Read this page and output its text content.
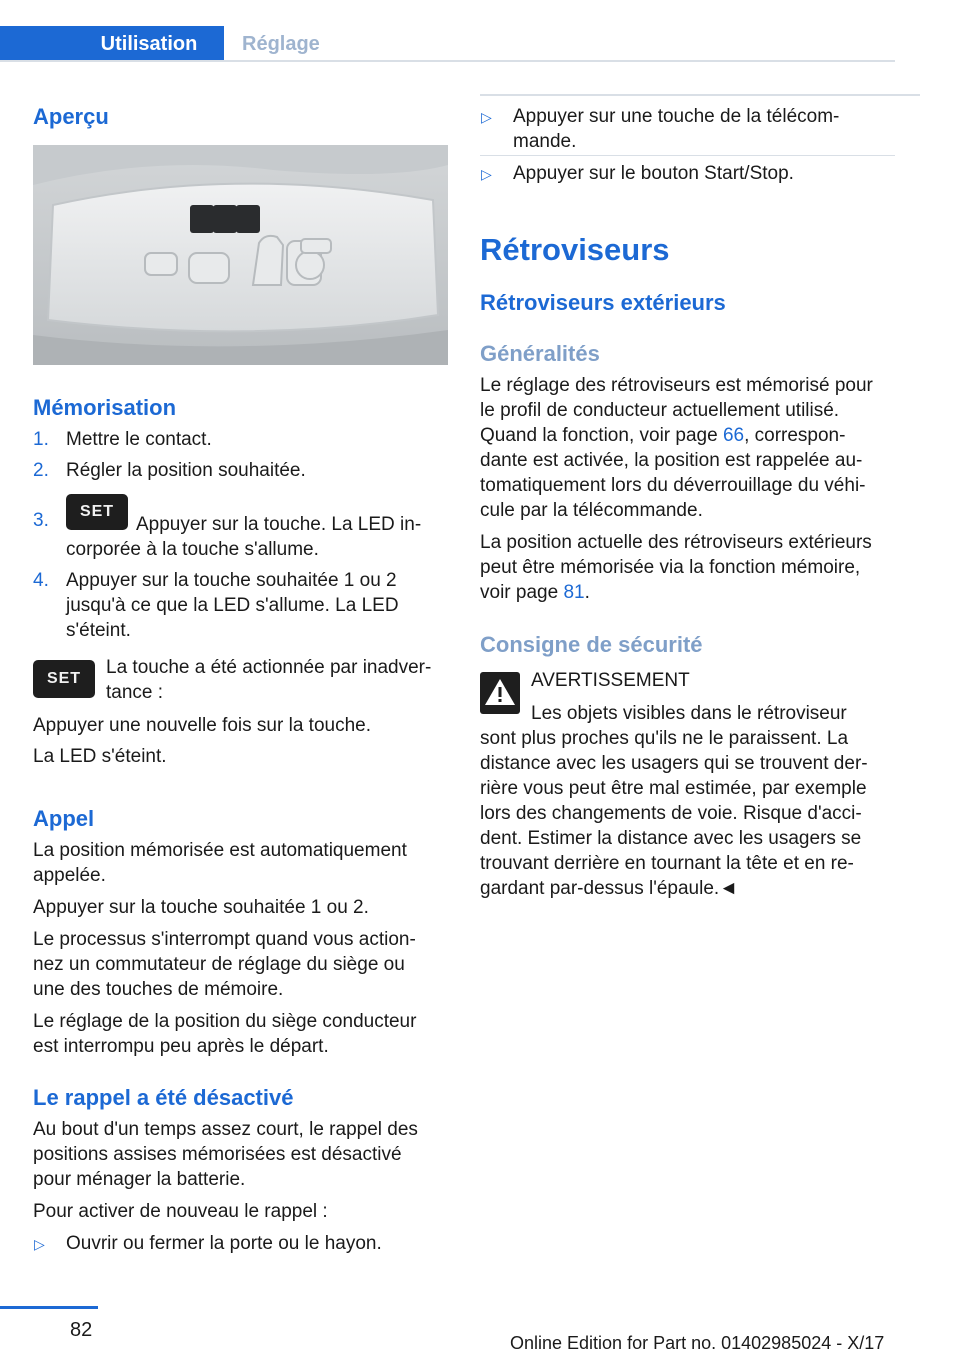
Utilisation	Réglage
Aperçu
Mémorisation
1. Mettre le contact.
2. Régler la position souhaitée.
3. SET
Appuyer sur la touche. La LED in-
corporée à la touche s'allume.
4. Appuyer sur la touche souhaitée 1 ou 2
jusqu'à ce que la LED s'allume. La LED
s'éteint.
SET

La touche a été actionnée par inadver-

tance :

Appuyer une nouvelle fois sur la touche.

La LED s'éteint.

Appel

La position mémorisée est automatiquement

appelée.

Appuyer sur la touche souhaitée 1 ou 2.

Le processus s'interrompt quand vous action-

nez un commutateur de réglage du siège ou

une des touches de mémoire.

Le réglage de la position du siège conducteur

est interrompu peu après le départ.

Le rappel a été désactivé

Au bout d'un temps assez court, le rappel des

positions assises mémorisées est désactivé

pour ménager la batterie.

Pour activer de nouveau le rappel :

▷ Ouvrir ou fermer la porte ou le hayon.

▷ Appuyer sur une touche de la télécom-

mande.

▷ Appuyer sur le bouton Start/Stop.

Rétroviseurs
Rétroviseurs extérieurs
Généralités

Le réglage des rétroviseurs est mémorisé pour

le profil de conducteur actuellement utilisé.

Quand la fonction, voir page 66, correspon-

dante est activée, la position est rappelée au-

tomatiquement lors du déverrouillage du véhi-

cule par la télécommande.

La position actuelle des rétroviseurs extérieurs

peut être mémorisée via la fonction mémoire,

voir page 81.

Consigne de sécurité

AVERTISSEMENT

Les objets visibles dans le rétroviseur

sont plus proches qu'ils ne le paraissent. La

distance avec les usagers qui se trouvent der-

rière vous peut être mal estimée, par exemple

lors des changements de voie. Risque d'acci-

dent. Estimer la distance avec les usagers se

trouvant derrière en tournant la tête et en re-

gardant par-dessus l'épaule.◄

82
Online Edition for Part no. 01402985024 - X/17
